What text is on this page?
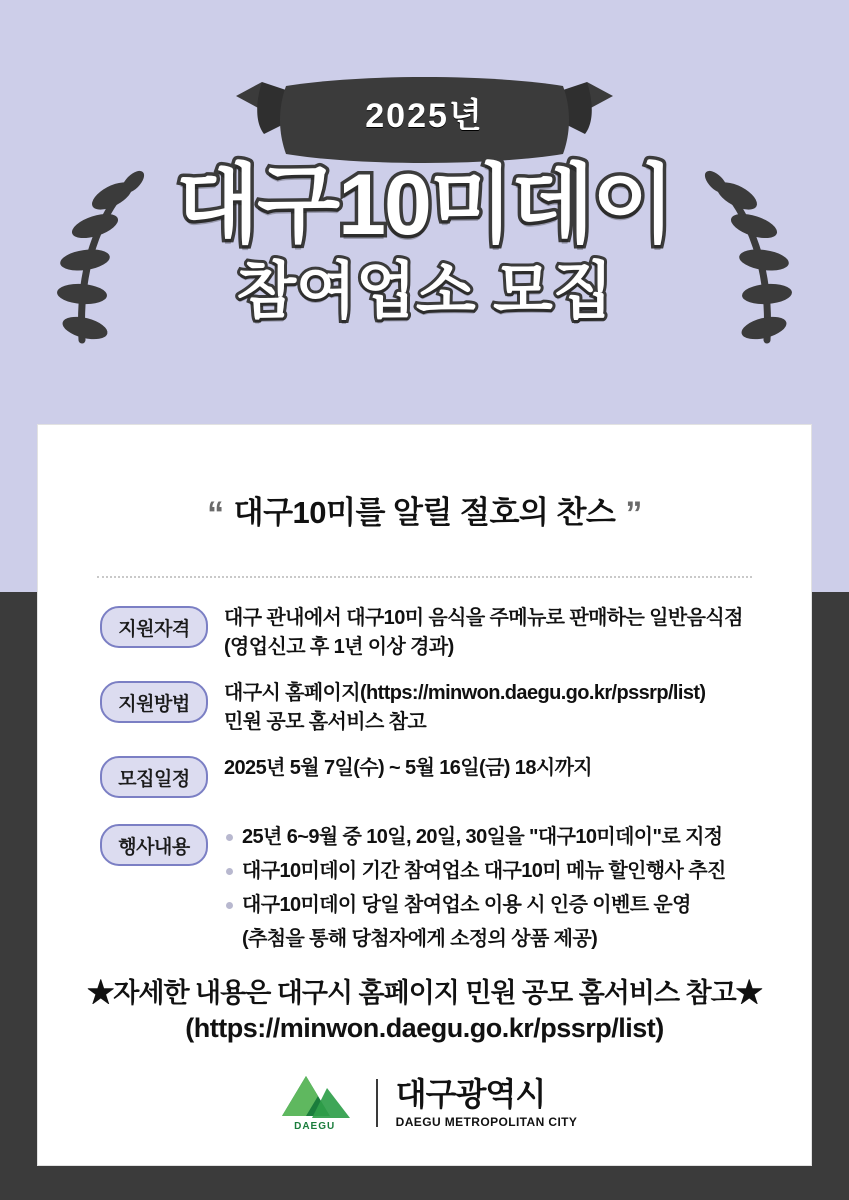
2025년
대구10미데이
참여업소 모집
“ 대구10미를 알릴 절호의 찬스 ”
지원자격	대구 관내에서 대구10미 음식을 주메뉴로 판매하는 일반음식점
(영업신고 후 1년 이상 경과)
지원방법	대구시 홈페이지(https://minwon.daegu.go.kr/pssrp/list)
민원 공모 홈서비스 참고
모집일정	2025년 5월 7일(수) ~ 5월 16일(금) 18시까지
행사내용	25년 6~9월 중 10일, 20일, 30일을 "대구10미데이"로 지정
대구10미데이 기간 참여업소 대구10미 메뉴 할인행사 추진
대구10미데이 당일 참여업소 이용 시 인증 이벤트 운영
(추첨을 통해 당첨자에게 소정의 상품 제공)
★자세한 내용은 대구시 홈페이지 민원 공모 홈서비스 참고★
(https://minwon.daegu.go.kr/pssrp/list)
DAEGU
대구광역시
DAEGU METROPOLITAN CITY
